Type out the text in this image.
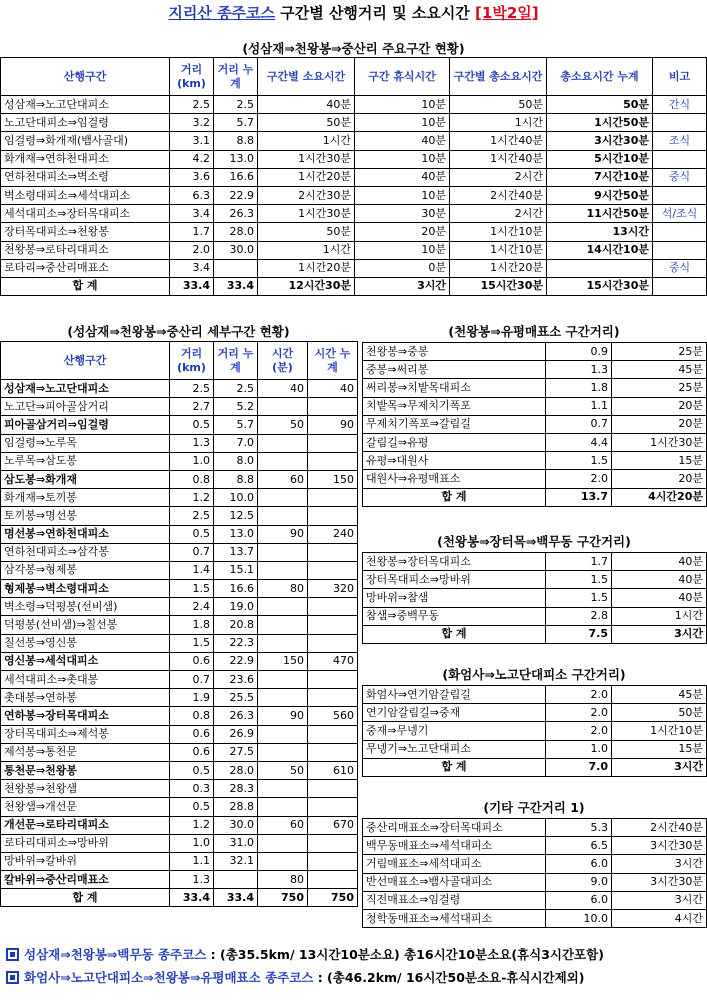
지리산 종주코스 구간별 산행거리 및 소요시간 [1박2일]
(성삼재⇒천왕봉⇒중산리 주요구간 현황)
산행구간	거리 (km)	거리 누계	구간별 소요시간	구간 휴식시간	구간별 총소요시간	총소요시간 누계	비고
성삼재⇒노고단대피소	2.5	2.5	40분	10분	50분	50분	간식
노고단대피소⇒임걸령	3.2	5.7	50분	10분	1시간	1시간50분	
임걸령⇒화개재(뱀사골대)	3.1	8.8	1시간	40분	1시간40분	3시간30분	조식
화개재⇒연하천대피소	4.2	13.0	1시간30분	10분	1시간40분	5시간10분	
연하천대피소⇒벽소령	3.6	16.6	1시간20분	40분	2시간	7시간10분	중식
벽소령대피소⇒세석대피소	6.3	22.9	2시간30분	10분	2시간40분	9시간50분	
세석대피소⇒장터목대피소	3.4	26.3	1시간30분	30분	2시간	11시간50분	석/조식
장터목대피소⇒천왕봉	1.7	28.0	50분	20분	1시간10분	13시간	
천왕봉⇒로타리대피소	2.0	30.0	1시간	10분	1시간10분	14시간10분	
로타리⇒중산리매표소	3.4		1시간20분	0분	1시간20분		중식
합 계	33.4	33.4	12시간30분	3시간	15시간30분	15시간30분	
(성삼재⇒천왕봉⇒중산리 세부구간 현황)
산행구간	거리 (km)	거리 누계	시간 (분)	시간 누계
성삼재⇒노고단대피소	2.5	2.5	40	40
노고단⇒피아골삼거리	2.7	5.2		
피아골삼거리⇒임걸령	0.5	5.7	50	90
임걸령⇒노루목	1.3	7.0		
노루목⇒삼도봉	1.0	8.0		
삼도봉⇒화개재	0.8	8.8	60	150
화개재⇒토끼봉	1.2	10.0		
토끼봉⇒명선봉	2.5	12.5		
명선봉⇒연하천대피소	0.5	13.0	90	240
연하천대피소⇒삼각봉	0.7	13.7		
삼각봉⇒형제봉	1.4	15.1		
형제봉⇒벽소령대피소	1.5	16.6	80	320
벽소령⇒덕평봉(선비샘)	2.4	19.0		
덕평봉(선비샘)⇒칠선봉	1.8	20.8		
칠선봉⇒영신봉	1.5	22.3		
영신봉⇒세석대피소	0.6	22.9	150	470
세석대피소⇒촛대봉	0.7	23.6		
촛대봉⇒연하봉	1.9	25.5		
연하봉⇒장터목대피소	0.8	26.3	90	560
장터목대피소⇒제석봉	0.6	26.9		
제석봉⇒통천문	0.6	27.5		
통천문⇒천왕봉	0.5	28.0	50	610
천왕봉⇒천왕샘	0.3	28.3		
천왕샘⇒개선문	0.5	28.8		
개선문⇒로타리대피소	1.2	30.0	60	670
로타리대피소⇒망바위	1.0	31.0		
망바위⇒칼바위	1.1	32.1		
칼바위⇒중산리매표소	1.3		80	
합 계	33.4	33.4	750	750
(천왕봉⇒유평매표소 구간거리)
천왕봉⇒중봉	0.9	25분
중봉⇒써리봉	1.3	45분
써리봉⇒치밭목대피소	1.8	25분
치밭목⇒무제치기폭포	1.1	20분
무제치기폭포⇒갈림길	0.7	20분
갈림길⇒유평	4.4	1시간30분
유평⇒대원사	1.5	15분
대원사⇒유평매표소	2.0	20분
합 계	13.7	4시간20분
(천왕봉⇒장터목⇒백무동 구간거리)
천왕봉⇒장터목대피소	1.7	40분
장터목대피소⇒망바위	1.5	40분
망바위⇒참샘	1.5	40분
참샘⇒중백무동	2.8	1시간
합 계	7.5	3시간
(화엄사⇒노고단대피소 구간거리)
화엄사⇒연기암갈림길	2.0	45분
연기암갈림길⇒중재	2.0	50분
중재⇒무넹기	2.0	1시간10분
무넹기⇒노고단대피소	1.0	15분
합 계	7.0	3시간
(기타 구간거리 1)
중산리매표소⇒장터목대피소	5.3	2시간40분
백무동매표소⇒세석대피소	6.5	3시간30분
거림매표소⇒세석대피소	6.0	3시간
반선매표소⇒뱀사골대피소	9.0	3시간30분
직전매표소⇒임걸령	6.0	3시간
청학동매표소⇒세석대피소	10.0	4시간
성삼재⇒천왕봉⇒백무동 종주코스 : (총35.5km/ 13시간10분소요) 총16시간10분소요(휴식3시간포함)
화엄사⇒노고단대피소⇒천왕봉⇒유평매표소 종주코스 : (총46.2km/ 16시간50분소요-휴식시간제외)
